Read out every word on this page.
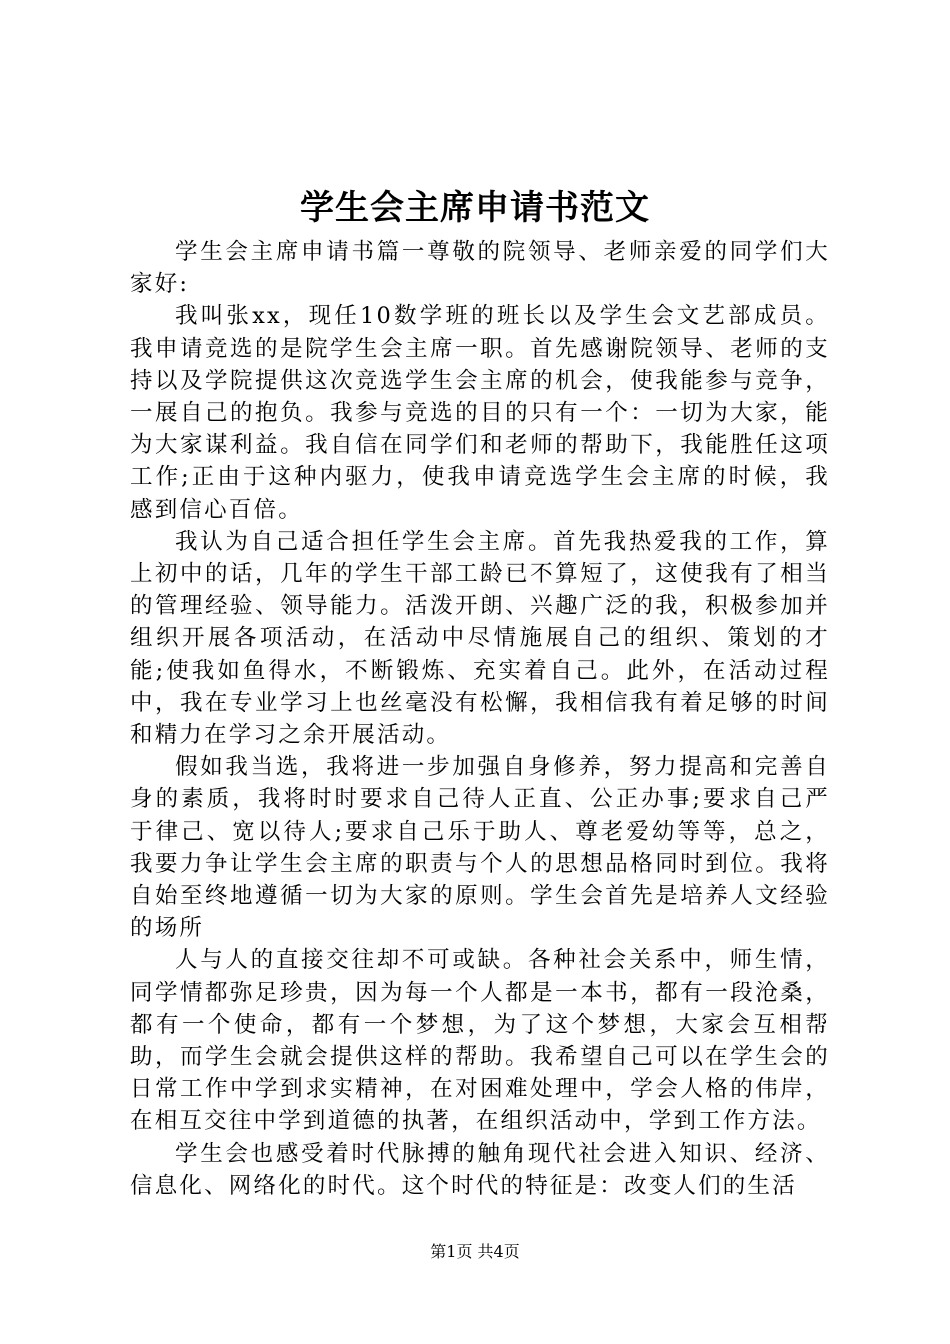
学生会主席申请书范文

学生会主席申请书篇一尊敬的院领导、老师亲爱的同学们大家好:

我叫张xx，现任10数学班的班长以及学生会文艺部成员。我申请竞选的是院学生会主席一职。首先感谢院领导、老师的支持以及学院提供这次竞选学生会主席的机会，使我能参与竞争，一展自己的抱负。我参与竞选的目的只有一个：一切为大家，能为大家谋利益。我自信在同学们和老师的帮助下，我能胜任这项工作;正由于这种内驱力，使我申请竞选学生会主席的时候，我感到信心百倍。

我认为自己适合担任学生会主席。首先我热爱我的工作，算上初中的话，几年的学生干部工龄已不算短了，这使我有了相当的管理经验、领导能力。活泼开朗、兴趣广泛的我，积极参加并组织开展各项活动，在活动中尽情施展自己的组织、策划的才能;使我如鱼得水，不断锻炼、充实着自己。此外，在活动过程中，我在专业学习上也丝毫没有松懈，我相信我有着足够的时间和精力在学习之余开展活动。

假如我当选，我将进一步加强自身修养，努力提高和完善自身的素质，我将时时要求自己待人正直、公正办事;要求自己严于律己、宽以待人;要求自己乐于助人、尊老爱幼等等，总之，我要力争让学生会主席的职责与个人的思想品格同时到位。我将自始至终地遵循一切为大家的原则。学生会首先是培养人文经验的场所

人与人的直接交往却不可或缺。各种社会关系中，师生情，同学情都弥足珍贵，因为每一个人都是一本书，都有一段沧桑，都有一个使命，都有一个梦想，为了这个梦想，大家会互相帮助，而学生会就会提供这样的帮助。我希望自己可以在学生会的日常工作中学到求实精神，在对困难处理中，学会人格的伟岸，在相互交往中学到道德的执著，在组织活动中，学到工作方法。

学生会也感受着时代脉搏的触角现代社会进入知识、经济、信息化、网络化的时代。这个时代的特征是：改变人们的生活

第1页 共4页
